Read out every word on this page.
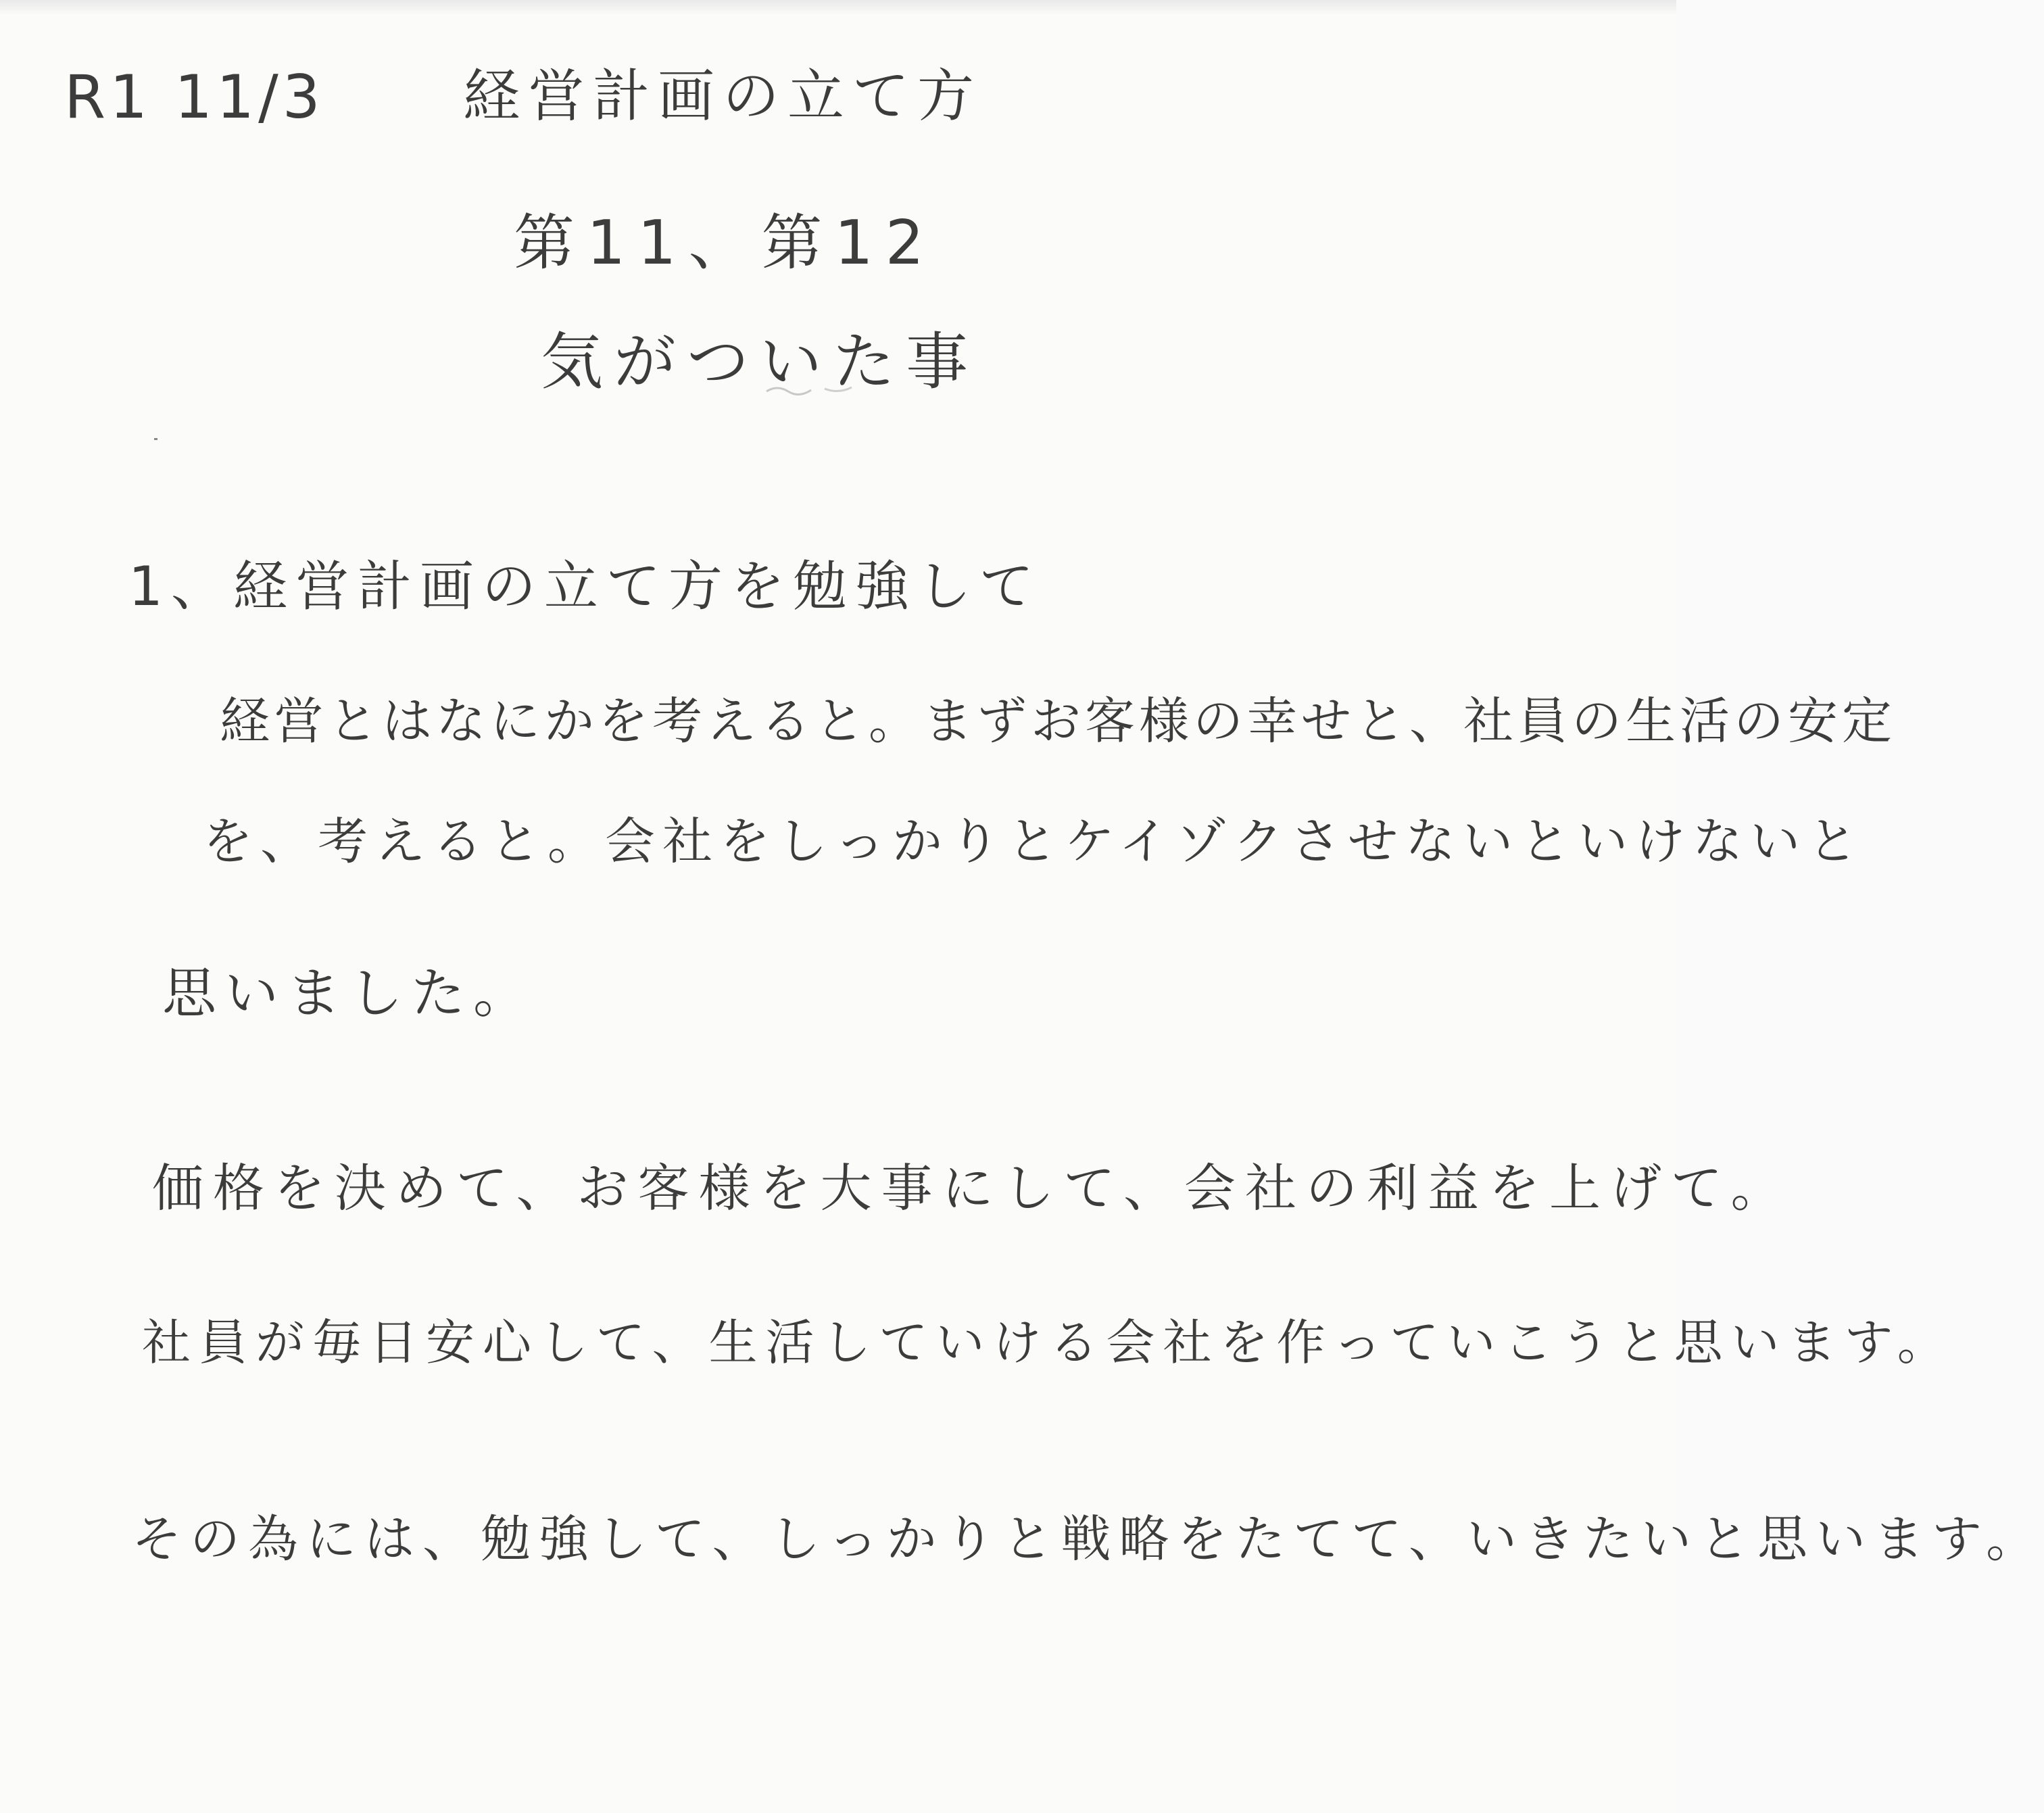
R1 11/3 経営計画の立て方
第11、第12
気がついた事
1、経営計画の立て方を勉強して
経営とはなにかを考えると。まずお客様の幸せと、社員の生活の安定
を、考えると。会社をしっかりとケイゾクさせないといけないと
思いました。
価格を決めて、お客様を大事にして、会社の利益を上げて。
社員が毎日安心して、生活していける会社を作っていこうと思います。
その為には、勉強して、しっかりと戦略をたてて、いきたいと思います。
